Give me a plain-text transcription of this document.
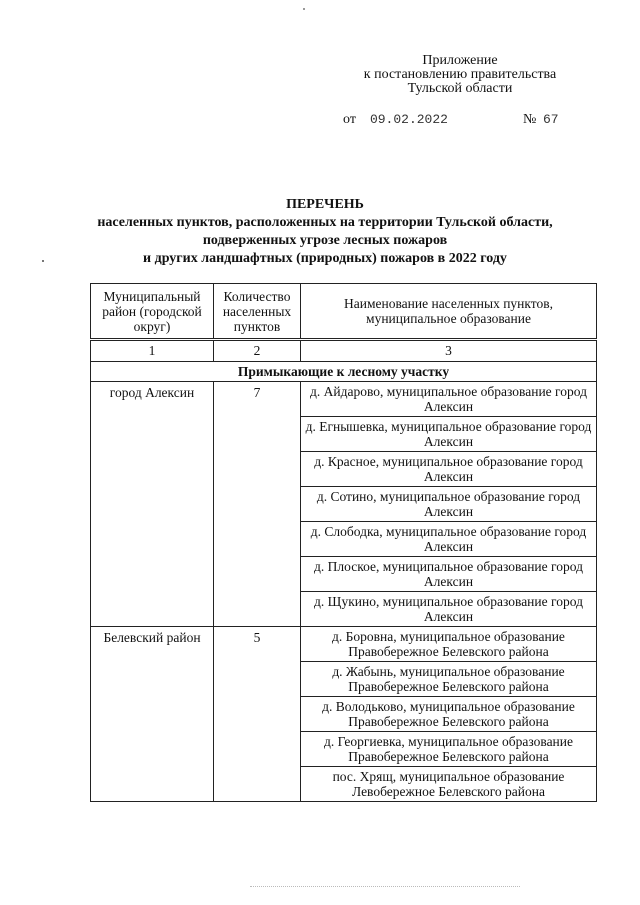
Приложение
к постановлению правительства
Тульской области
от 09.02.2022	№ 67
ПЕРЕЧЕНЬ
населенных пунктов, расположенных на территории Тульской области,
подверженных угрозе лесных пожаров
и других ландшафтных (природных) пожаров в 2022 году
Муниципальный район (городской округ)	Количество населенных пунктов	Наименование населенных пунктов, муниципальное образование
1	2	3
Примыкающие к лесному участку		
город Алексин	7	д. Айдарово, муниципальное образование город Алексин
		д. Егнышевка, муниципальное образование город Алексин
		д. Красное, муниципальное образование город Алексин
		д. Сотино, муниципальное образование город Алексин
		д. Слободка, муниципальное образование город Алексин
		д. Плоское, муниципальное образование город Алексин
		д. Щукино, муниципальное образование город Алексин
Белевский район	5	д. Боровна, муниципальное образование Правобережное Белевского района
		д. Жабынь, муниципальное образование Правобережное Белевского района
		д. Володьково, муниципальное образование Правобережное Белевского района
		д. Георгиевка, муниципальное образование Правобережное Белевского района
		пос. Хрящ, муниципальное образование Левобережное Белевского района
